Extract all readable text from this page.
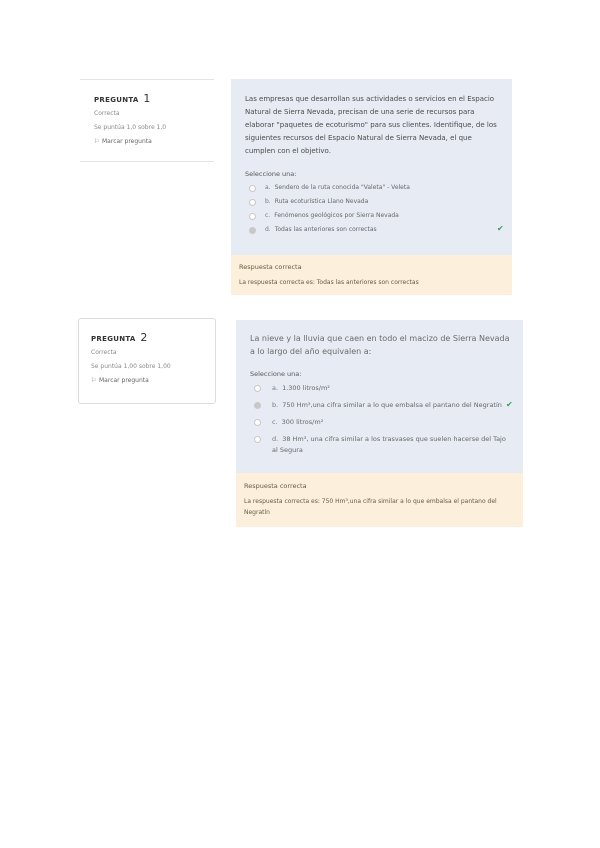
PREGUNTA 1
Correcta
Se puntúa 1,0 sobre 1,0
⚐ Marcar pregunta
Las empresas que desarrollan sus actividades o servicios en el Espacio Natural de Sierra Nevada, precisan de una serie de recursos para elaborar "paquetes de ecoturismo" para sus clientes. Identifique, de los siguientes recursos del Espacio Natural de Sierra Nevada, el que cumplen con el objetivo.
Seleccione una:
a. Sendero de la ruta conocida "Valeta" - Veleta
b. Ruta ecoturística Llano Nevada
c. Fenómenos geológicos por Sierra Nevada
d. Todas las anteriores son correctas	✔
Respuesta correcta
La respuesta correcta es: Todas las anteriores son correctas
PREGUNTA 2
Correcta
Se puntúa 1,00 sobre 1,00
⚐ Marcar pregunta
La nieve y la lluvia que caen en todo el macizo de Sierra Nevada a lo largo del año equivalen a:
Seleccione una:
a. 1.300 litros/m²
b. 750 Hm³,una cifra similar a lo que embalsa el pantano del Negratín ✔
c. 300 litros/m²
d. 38 Hm³, una cifra similar a los trasvases que suelen hacerse del Tajo al Segura
Respuesta correcta
La respuesta correcta es: 750 Hm³,una cifra similar a lo que embalsa el pantano del Negratín
